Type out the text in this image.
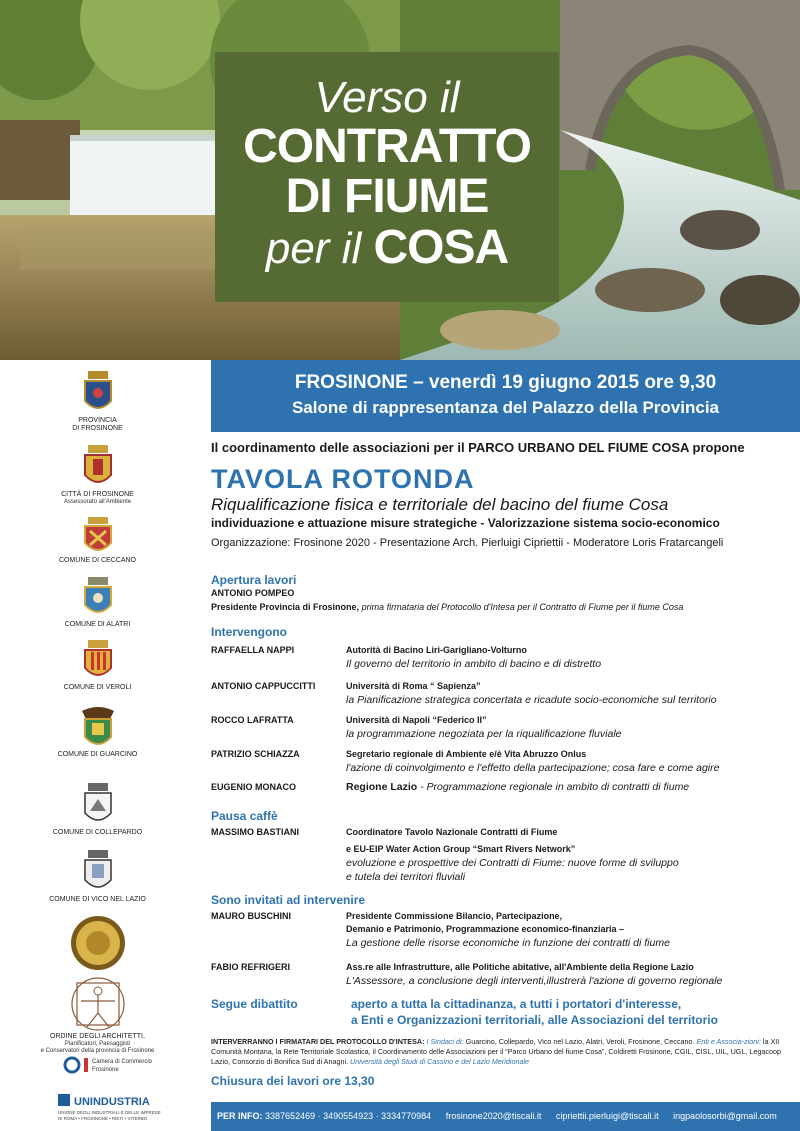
Verso il
CONTRATTO
DI FIUME
per il COSA
FROSINONE – venerdì 19 giugno 2015 ore 9,30
Salone di rappresentanza del Palazzo della Provincia
PROVINCIA
DI FROSINONE
CITTÀ DI FROSINONE
Assessorato all'Ambiente
COMUNE DI CECCANO
COMUNE DI ALATRI
COMUNE DI VEROLI
COMUNE DI GUARCINO
COMUNE DI COLLEPARDO
COMUNE DI VICO NEL LAZIO
ORDINE DEGLI ARCHITETTI,
Pianificatori, Paesaggisti
e Conservatori della provincia di Frosinone
Camera di Commercio
Frosinone
UNINDUSTRIA
UNIONE DEGLI INDUSTRIALI E DELLE IMPRESE
DI ROMA • FROSINONE • RIETI • VITERBO
Il coordinamento delle associazioni per il PARCO URBANO DEL FIUME COSA propone
TAVOLA ROTONDA
Riqualificazione fisica e territoriale del bacino del fiume Cosa
individuazione e attuazione misure strategiche - Valorizzazione sistema socio-economico
Organizzazione: Frosinone 2020 - Presentazione Arch. Pierluigi Cipriettii - Moderatore Loris Fratarcangeli
Apertura lavori
ANTONIO POMPEO
Presidente Provincia di Frosinone, prima firmataria del Protocollo d'Intesa per il Contratto di Fiume per il fiume Cosa
Intervengono
RAFFAELLA NAPPI	Autorità di Bacino Liri-Garigliano-Volturno
Il governo del territorio in ambito di bacino e di distretto
ANTONIO CAPPUCCITTI	Università di Roma “ Sapienza”
la Pianificazione strategica concertata e ricadute socio-economiche sul territorio
ROCCO LAFRATTA	Università di Napoli “Federico II”
la programmazione negoziata per la riqualificazione fluviale
PATRIZIO SCHIAZZA	Segretario regionale di Ambiente e/è Vita Abruzzo Onlus
l'azione di coinvolgimento e l'effetto della partecipazione; cosa fare e come agire
EUGENIO MONACO	Regione Lazio - Programmazione regionale in ambito di contratti di fiume
Pausa caffè
MASSIMO BASTIANI	Coordinatore Tavolo Nazionale Contratti di Fiume
e EU-EIP Water Action Group “Smart Rivers Network”
evoluzione e prospettive dei Contratti di Fiume: nuove forme di sviluppo
e tutela dei territori fluviali
Sono invitati ad intervenire
MAURO BUSCHINI	Presidente Commissione Bilancio, Partecipazione,
Demanio e Patrimonio, Programmazione economico-finanziaria –
La gestione delle risorse economiche in funzione dei contratti di fiume
FABIO REFRIGERI	Ass.re alle Infrastrutture, alle Politiche abitative, all'Ambiente della Regione Lazio
L'Assessore, a conclusione degli interventi,illustrerà l'azione di governo regionale
Segue dibattito	aperto a tutta la cittadinanza, a tutti i portatori d'interesse,
a Enti e Organizzazioni territoriali, alle Associazioni del territorio
INTERVERRANNO I FIRMATARI DEL PROTOCOLLO D'INTESA: I Sindaci di: Guarcino, Collepardo, Vico nel Lazio, Alatri, Veroli, Frosinone, Ceccano. Enti e Associa-zioni: la XII Comunità Montana, la Rete Territoriale Scolastica, il Coordinamento delle Associazioni per il “Parco Urbano del fiume Cosa”, Coldiretti Frosinone, CGIL, CISL, UIL, UGL, Legacoop Lazio, Consorzio di Bonifica Sud di Anagni. Università degli Studi di Cassino e del Lazio Meridionale
Chiusura dei lavori ore 13,30
PER INFO: 3387652469 · 3490554923 · 3334770984 frosinone2020@tiscali.it cipriettii.pierluigi@tiscali.it ingpaolosorbi@gmail.com
